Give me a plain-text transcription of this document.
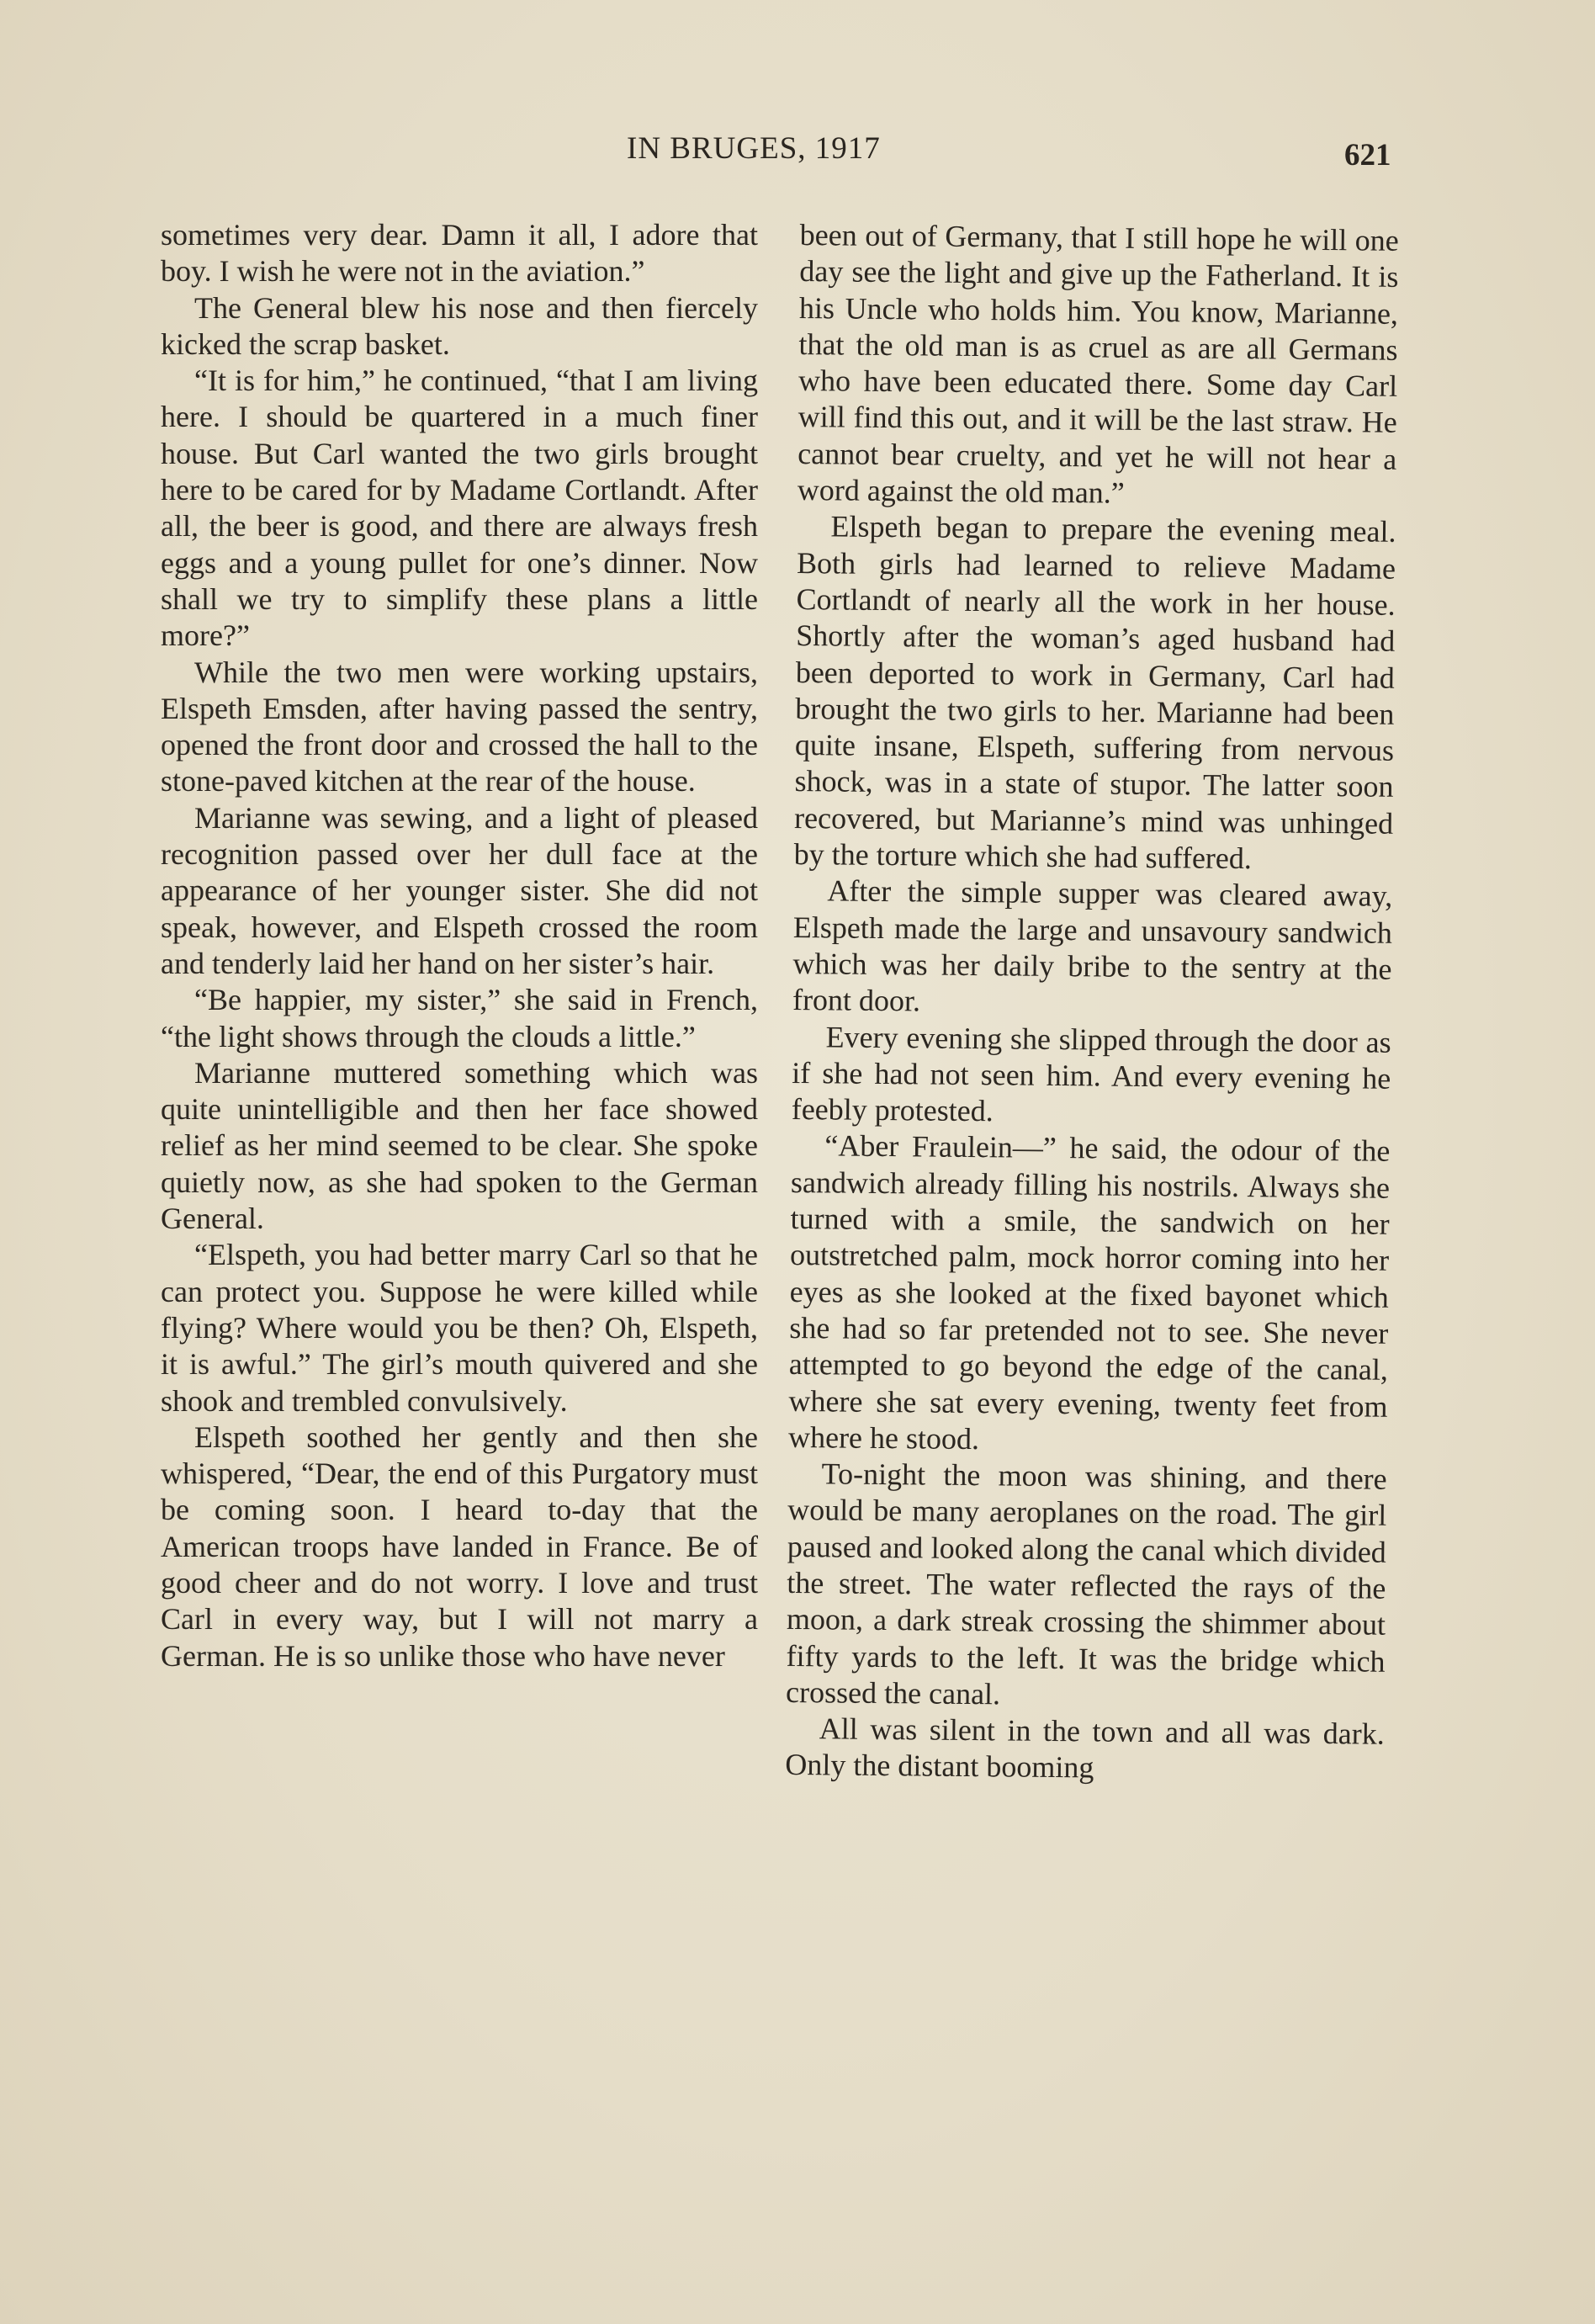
IN BRUGES, 1917	621

sometimes very dear. Damn it all, I adore that boy. I wish he were not in the aviation.”

The General blew his nose and then fiercely kicked the scrap basket.

“It is for him,” he continued, “that I am living here. I should be quartered in a much finer house. But Carl wanted the two girls brought here to be cared for by Madame Cortlandt. After all, the beer is good, and there are always fresh eggs and a young pullet for one’s dinner. Now shall we try to simplify these plans a little more?”

While the two men were working upstairs, Elspeth Emsden, after having passed the sentry, opened the front door and crossed the hall to the stone-paved kitchen at the rear of the house.

Marianne was sewing, and a light of pleased recognition passed over her dull face at the appearance of her younger sister. She did not speak, however, and Elspeth crossed the room and tenderly laid her hand on her sister’s hair.

“Be happier, my sister,” she said in French, “the light shows through the clouds a little.”

Marianne muttered something which was quite unintelligible and then her face showed relief as her mind seemed to be clear. She spoke quietly now, as she had spoken to the German General.

“Elspeth, you had better marry Carl so that he can protect you. Suppose he were killed while flying? Where would you be then? Oh, Elspeth, it is awful.” The girl’s mouth quivered and she shook and trembled convulsively.

Elspeth soothed her gently and then she whispered, “Dear, the end of this Purgatory must be coming soon. I heard to-day that the American troops have landed in France. Be of good cheer and do not worry. I love and trust Carl in every way, but I will not marry a German. He is so unlike those who have never

been out of Germany, that I still hope he will one day see the light and give up the Fatherland. It is his Uncle who holds him. You know, Marianne, that the old man is as cruel as are all Germans who have been educated there. Some day Carl will find this out, and it will be the last straw. He cannot bear cruelty, and yet he will not hear a word against the old man.”

Elspeth began to prepare the evening meal. Both girls had learned to relieve Madame Cortlandt of nearly all the work in her house. Shortly after the woman’s aged husband had been deported to work in Germany, Carl had brought the two girls to her. Marianne had been quite insane, Elspeth, suffering from nervous shock, was in a state of stupor. The latter soon recovered, but Marianne’s mind was unhinged by the torture which she had suffered.

After the simple supper was cleared away, Elspeth made the large and unsavoury sandwich which was her daily bribe to the sentry at the front door.

Every evening she slipped through the door as if she had not seen him. And every evening he feebly protested.

“Aber Fraulein—” he said, the odour of the sandwich already filling his nostrils. Always she turned with a smile, the sandwich on her outstretched palm, mock horror coming into her eyes as she looked at the fixed bayonet which she had so far pretended not to see. She never attempted to go beyond the edge of the canal, where she sat every evening, twenty feet from where he stood.

To-night the moon was shining, and there would be many aeroplanes on the road. The girl paused and looked along the canal which divided the street. The water reflected the rays of the moon, a dark streak crossing the shimmer about fifty yards to the left. It was the bridge which crossed the canal.

All was silent in the town and all was dark. Only the distant booming
